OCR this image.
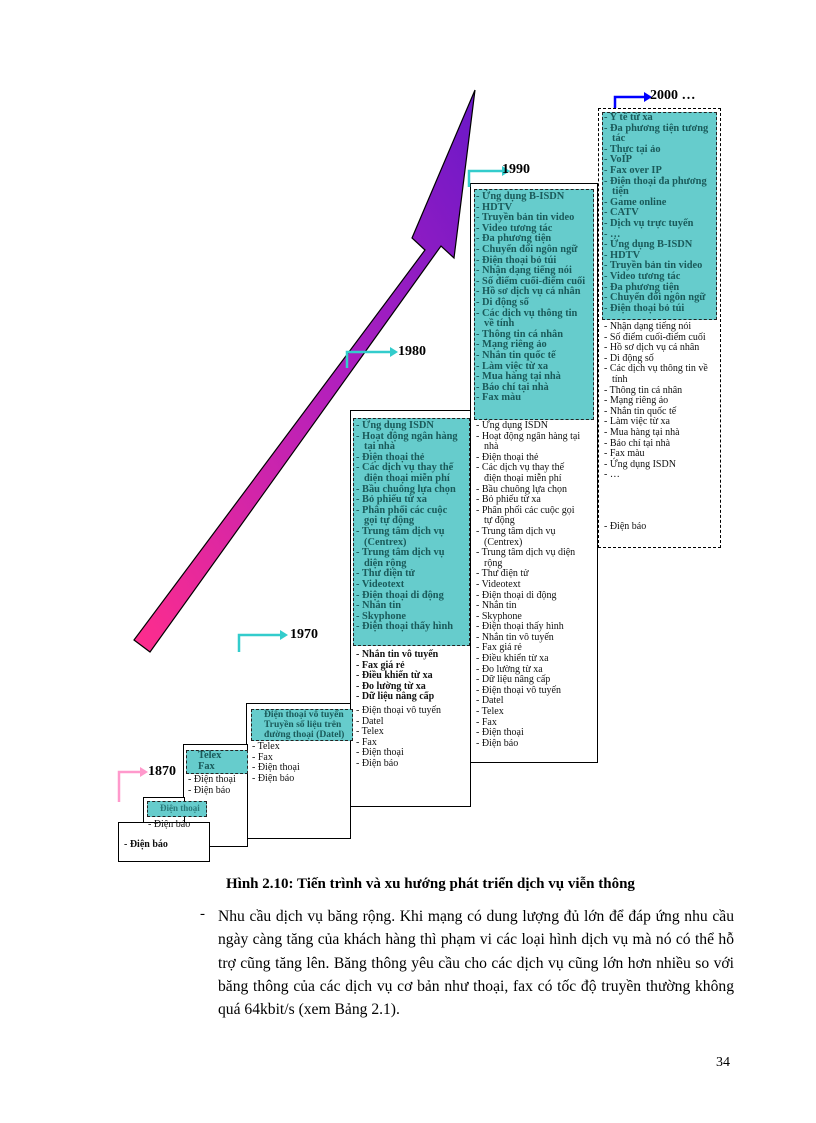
1870
1970
1980
1990
2000 …
- Điện báo
Điện thoại
- Điện báo
Telex
Fax
- Điện thoại
- Điện báo
Điện thoại vô tuyến
Truyền số liệu trên
đường thoại (Datel)
- Telex
- Fax
- Điện thoại
- Điện báo
- Ứng dụng ISDN
- Hoạt động ngân hàng
tại nhà
- Điện thoại thẻ
- Các dịch vụ thay thế
điện thoại miễn phí
- Bầu chuông lựa chọn
- Bỏ phiếu từ xa
- Phân phối các cuộc
gọi tự động
- Trung tâm dịch vụ
(Centrex)
- Trung tâm dịch vụ
diện rộng
- Thư điện tử
- Videotext
- Điện thoại di động
- Nhắn tin
- Skyphone
- Điện thoại thấy hình
- Nhắn tin vô tuyến
- Fax giá rẻ
- Điều khiển từ xa
- Đo lường từ xa
- Dữ liệu nâng cấp
- Điện thoại vô tuyến
- Datel
- Telex
- Fax
- Điện thoại
- Điện báo
- Ứng dụng B-ISDN
- HDTV
- Truyền bản tin video
- Video tương tác
- Đa phương tiện
- Chuyển đổi ngôn ngữ
- Điện thoại bỏ túi
- Nhận dạng tiếng nói
- Số điểm cuối-điểm cuối
- Hồ sơ dịch vụ cá nhân
- Di động số
- Các dịch vụ thông tin
về tính
- Thông tin cá nhân
- Mạng riêng ảo
- Nhắn tin quốc tế
- Làm việc từ xa
- Mua hàng tại nhà
- Báo chí tại nhà
- Fax màu
- Ứng dụng ISDN
- Hoạt động ngân hàng tại
nhà
- Điện thoại thẻ
- Các dịch vụ thay thế
điện thoại miễn phí
- Bầu chuông lựa chọn
- Bỏ phiếu từ xa
- Phân phối các cuộc gọi
tự động
- Trung tâm dịch vụ
(Centrex)
- Trung tâm dịch vụ diện
rộng
- Thư điện tử
- Videotext
- Điện thoại di động
- Nhắn tin
- Skyphone
- Điện thoại thấy hình
- Nhắn tin vô tuyến
- Fax giá rẻ
- Điều khiển từ xa
- Đo lường từ xa
- Dữ liệu nâng cấp
- Điện thoại vô tuyến
- Datel
- Telex
- Fax
- Điện thoại
- Điện báo
- Y tế từ xa
- Đa phương tiện tương
tác
- Thực tại ảo
- VoIP
- Fax over IP
- Điện thoại đa phương
tiện
- Game online
- CATV
- Dịch vụ trực tuyến
- …
- Ứng dụng B-ISDN
- HDTV
- Truyền bản tin video
- Video tương tác
- Đa phương tiện
- Chuyển đổi ngôn ngữ
- Điện thoại bỏ túi
- Nhận dạng tiếng nói
- Số điểm cuối-điểm cuối
- Hồ sơ dịch vụ cá nhân
- Di động số
- Các dịch vụ thông tin về
tính
- Thông tin cá nhân
- Mạng riêng ảo
- Nhắn tin quốc tế
- Làm việc từ xa
- Mua hàng tại nhà
- Báo chí tại nhà
- Fax màu
- Ứng dụng ISDN
- …
- Điện báo
Hình 2.10: Tiến trình và xu hướng phát triển dịch vụ viễn thông
- Nhu cầu dịch vụ băng rộng. Khi mạng có dung lượng đủ lớn để đáp ứng nhu cầu ngày càng tăng của khách hàng thì phạm vi các loại hình dịch vụ mà nó có thể hỗ trợ cũng tăng lên. Băng thông yêu cầu cho các dịch vụ cũng lớn hơn nhiều so với băng thông của các dịch vụ cơ bản như thoại, fax có tốc độ truyền thường không quá 64kbit/s (xem Bảng 2.1).
34
